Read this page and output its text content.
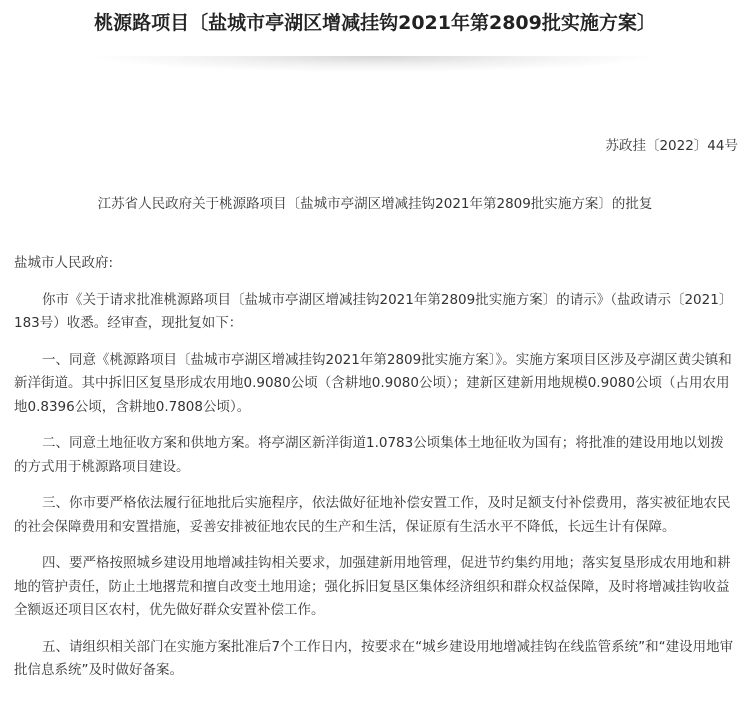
桃源路项目〔盐城市亭湖区增减挂钩2021年第2809批实施方案〕
苏政挂〔2022〕44号
江苏省人民政府关于桃源路项目〔盐城市亭湖区增减挂钩2021年第2809批实施方案〕的批复

盐城市人民政府:

你市《关于请求批准桃源路项目〔盐城市亭湖区增减挂钩2021年第2809批实施方案〕的请示》（盐政请示〔2021〕183号）收悉。经审查，现批复如下：

一、同意《桃源路项目〔盐城市亭湖区增减挂钩2021年第2809批实施方案〕》。实施方案项目区涉及亭湖区黄尖镇和新洋街道。其中拆旧区复垦形成农用地0.9080公顷（含耕地0.9080公顷）；建新区建新用地规模0.9080公顷（占用农用地0.8396公顷，含耕地0.7808公顷）。

二、同意土地征收方案和供地方案。将亭湖区新洋街道1.0783公顷集体土地征收为国有；将批准的建设用地以划拨的方式用于桃源路项目建设。

三、你市要严格依法履行征地批后实施程序，依法做好征地补偿安置工作，及时足额支付补偿费用，落实被征地农民的社会保障费用和安置措施，妥善安排被征地农民的生产和生活，保证原有生活水平不降低，长远生计有保障。

四、要严格按照城乡建设用地增减挂钩相关要求，加强建新用地管理，促进节约集约用地；落实复垦形成农用地和耕地的管护责任，防止土地撂荒和擅自改变土地用途；强化拆旧复垦区集体经济组织和群众权益保障，及时将增减挂钩收益全额返还项目区农村，优先做好群众安置补偿工作。

五、请组织相关部门在实施方案批准后7个工作日内，按要求在“城乡建设用地增减挂钩在线监管系统”和“建设用地审批信息系统”及时做好备案。
